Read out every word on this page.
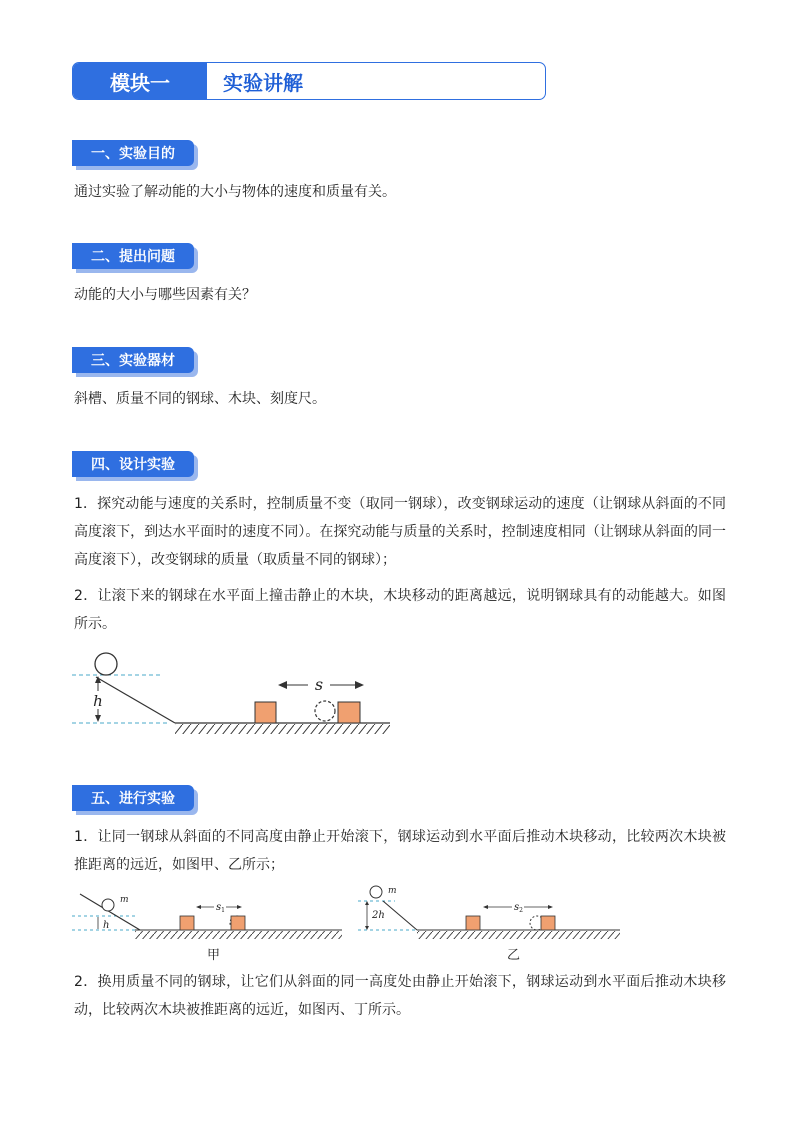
模块一	实验讲解
一、实验目的
通过实验了解动能的大小与物体的速度和质量有关。
二、提出问题
动能的大小与哪些因素有关？
三、实验器材
斜槽、质量不同的钢球、木块、刻度尺。
四、设计实验
1．探究动能与速度的关系时，控制质量不变（取同一钢球），改变钢球运动的速度（让钢球从斜面的不同高度滚下，到达水平面时的速度不同）。在探究动能与质量的关系时，控制速度相同（让钢球从斜面的同一高度滚下），改变钢球的质量（取质量不同的钢球）；
2．让滚下来的钢球在水平面上撞击静止的木块，木块移动的距离越远，说明钢球具有的动能越大。如图所示。
h
s
五、进行实验
1．让同一钢球从斜面的不同高度由静止开始滚下，钢球运动到水平面后推动木块移动，比较两次木块被推距离的远近，如图甲、乙所示；
m
h
$s_1$
甲
m
2h
$s_2$
乙
2．换用质量不同的钢球，让它们从斜面的同一高度处由静止开始滚下，钢球运动到水平面后推动木块移动，比较两次木块被推距离的远近，如图丙、丁所示。
